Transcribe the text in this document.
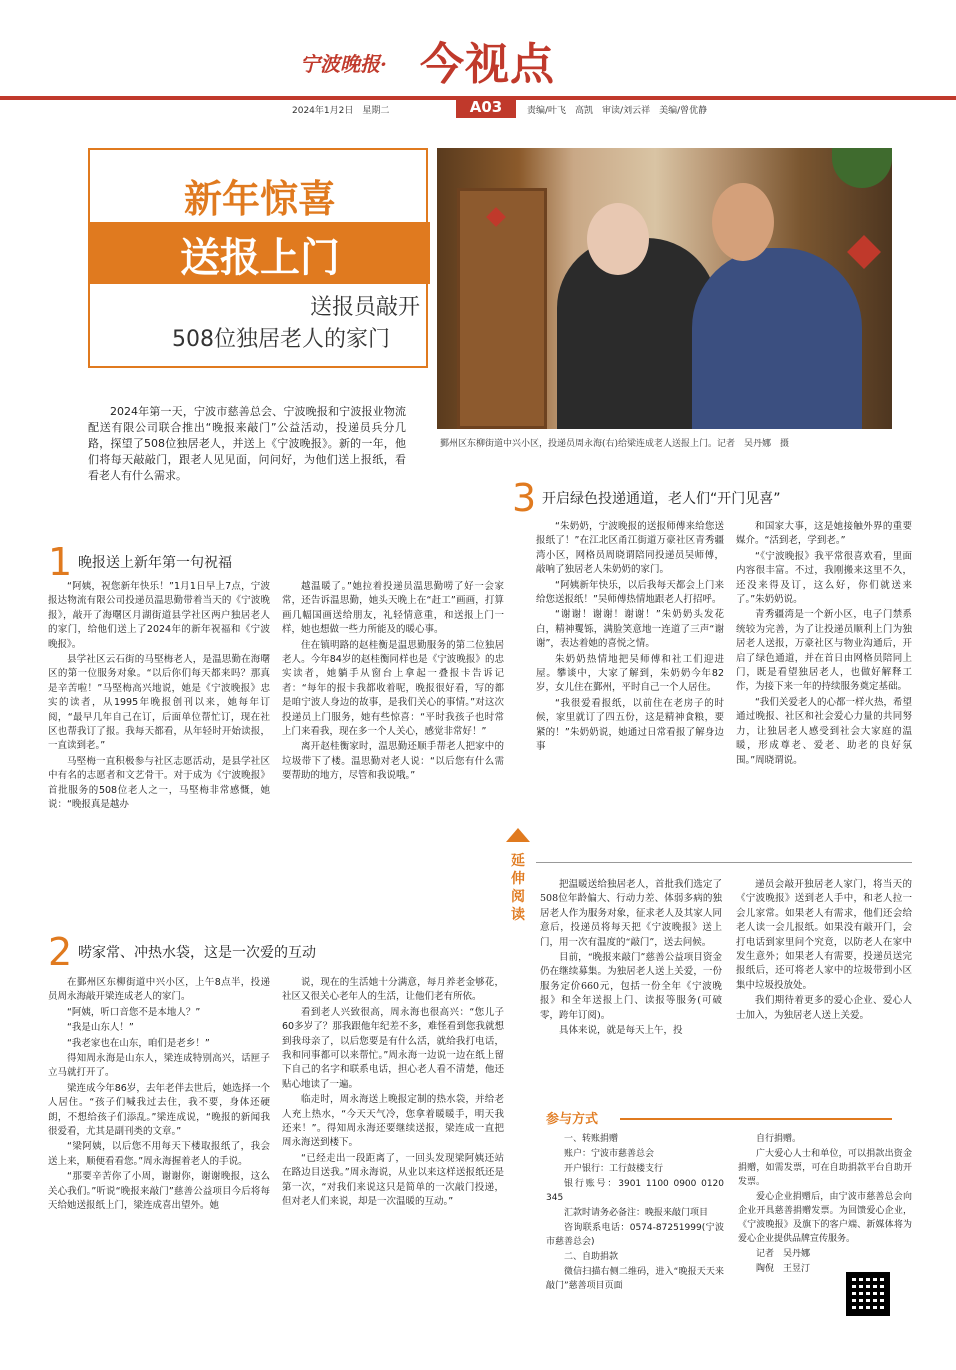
宁波晚报· 今视点
2024年1月2日　星期二	A03	责编/叶飞　高凯　审读/刘云祥　美编/曾优静
新年惊喜
送报上门
送报员敲开
508位独居老人的家门
鄞州区东柳街道中兴小区，投递员周永海(右)给梁连成老人送报上门。记者　吴丹娜　摄

2024年第一天，宁波市慈善总会、宁波晚报和宁波报业物流配送有限公司联合推出“晚报来敲门”公益活动，投递员兵分几路，探望了508位独居老人，并送上《宁波晚报》。新的一年，他们将每天敲敲门，跟老人见见面，问问好，为他们送上报纸，看看老人有什么需求。

1 晚报送上新年第一句祝福

“阿姨，祝您新年快乐！”1月1日早上7点，宁波报达物流有限公司投递员温思勤带着当天的《宁波晚报》，敲开了海曙区月湖街道县学社区两户独居老人的家门，给他们送上了2024年的新年祝福和《宁波晚报》。

县学社区云石街的马堅梅老人，是温思勤在海曙区的第一位服务对象。“以后你们每天都来吗？那真是辛苦啦！”马堅梅高兴地说，她是《宁波晚报》忠实的读者，从1995年晚报创刊以来，她每年订阅，“最早几年自己在订，后面单位帮忙订，现在社区也帮我订了报。我每天都看，从年轻时开始读报，一直读到老。”

马堅梅一直积极参与社区志愿活动，是县学社区中有名的志愿者和文艺骨干。对于成为《宁波晚报》首批服务的508位老人之一，马堅梅非常感慨，她说：“晚报真是越办

越温暖了。”她拉着投递员温思勤唠了好一会家常，还告诉温思勤，她头天晚上在“赶工”画画，打算画几幅国画送给朋友，礼轻情意重，和送报上门一样，她也想做一些力所能及的暖心事。

住在镇明路的赵桂衡是温思勤服务的第二位独居老人。今年84岁的赵桂衡同样也是《宁波晚报》的忠实读者，她躺手从窗台上拿起一叠报卡告诉记者：“每年的报卡我都收着呢，晚报很好看，写的都是咱宁波人身边的故事，是我们关心的事情。”对这次投递员上门服务，她有些惊喜：“平时我孩子也时常上门来看我，现在多一个人关心，感觉非常好！”

离开赵桂衡家时，温思勤还顺手帮老人把家中的垃圾带下了楼。温思勤对老人说：“以后您有什么需要帮助的地方，尽管和我说哦。”

2 唠家常、冲热水袋，这是一次爱的互动

在鄞州区东柳街道中兴小区，上午8点半，投递员周永海敲开梁连成老人的家门。

“阿姨，听口音您不是本地人？”

“我是山东人！”

“我老家也在山东，咱们是老乡！”

得知周永海是山东人，梁连成特别高兴，话匣子立马就打开了。

梁连成今年86岁，去年老伴去世后，她选择一个人居住。“孩子们喊我过去住，我不要，身体还硬朗，不想给孩子们添乱。”梁连成说，“晚报的新闻我很爱看，尤其是副刊类的文章。”

“梁阿姨，以后您不用每天下楼取报纸了，我会送上来，顺便看看您。”周永海握着老人的手说。

“那要辛苦你了小周，谢谢你，谢谢晚报，这么关心我们。”听说“晚报来敲门”慈善公益项目今后将每天给她送报纸上门，梁连成喜出望外。她

说，现在的生活她十分满意，每月养老金够花，社区又很关心老年人的生活，让他们老有所依。

看到老人兴致很高，周永海也很高兴：“您儿子60多岁了？那我跟他年纪差不多，难怪看到您我就想到我母亲了，以后您要是有什么活，就给我打电话，我和同事都可以来帮忙。”周永海一边说一边在纸上留下自己的名字和联系电话，担心老人看不清楚，他还贴心地读了一遍。

临走时，周永海送上晚报定制的热水袋，并给老人充上热水，“今天天气冷，您拿着暖暖手，明天我还来！”。得知周永海还要继续送报，梁连成一直把周永海送到楼下。

“已经走出一段距离了，一回头发现梁阿姨还站在路边目送我。”周永海说，从业以来这样送报纸还是第一次，“对我们来说这只是简单的一次敲门投递，但对老人们来说，却是一次温暖的互动。”

3 开启绿色投递通道，老人们“开门见喜”

“朱奶奶，宁波晚报的送报师傅来给您送报纸了！”在江北区甬江街道万豪社区青秀疆湾小区，网格员周晓谓陪同投递员吴师傅，敲响了独居老人朱奶奶的家门。

“阿姨新年快乐，以后我每天都会上门来给您送报纸！”吴师傅热情地跟老人打招呼。

“谢谢！谢谢！谢谢！”朱奶奶头发花白，精神矍铄，满脸笑意地一连道了三声“谢谢”，表达着她的喜悦之情。

朱奶奶热情地把吴师傅和社工们迎进屋。攀谈中，大家了解到，朱奶奶今年82岁，女儿住在鄞州，平时自己一个人居住。

“我很爱看报纸，以前住在老房子的时候，家里就订了四五份，这是精神食粮，要紧的！”朱奶奶说，她通过日常看报了解身边事

和国家大事，这是她接触外界的重要媒介。“活到老，学到老。”

“《宁波晚报》我平常很喜欢看，里面内容很丰富。不过，我刚搬来这里不久，还没来得及订，这么好，你们就送来了。”朱奶奶说。

青秀疆湾是一个新小区，电子门禁系统较为完善，为了让投递员顺利上门为独居老人送报，万豪社区与物业沟通后，开启了绿色通道，并在首日由网格员陪同上门，既是看望独居老人，也做好解释工作，为接下来一年的持续服务奠定基础。

“我们关爱老人的心都一样火热，希望通过晚报、社区和社会爱心力量的共同努力，让独居老人感受到社会大家庭的温暖，形成尊老、爱老、助老的良好氛围。”周晓谓说。

延伸阅读

把温暖送给独居老人，首批我们选定了508位年龄偏大、行动力差、体弱多病的独居老人作为服务对象，征求老人及其家人同意后，投递员将每天把《宁波晚报》送上门，用一次有温度的“敲门”，送去问候。

目前，“晚报来敲门”慈善公益项目资金仍在继续募集。为独居老人送上关爱，一份服务定价660元，包括一份全年《宁波晚报》和全年送报上门、读报等服务(可破零，跨年订阅)。

具体来说，就是每天上午，投

递员会敲开独居老人家门，将当天的《宁波晚报》送到老人手中，和老人拉一会儿家常。如果老人有需求，他们还会给老人读一会儿报纸。如果没有敲开门，会打电话到家里问个究竟，以防老人在家中发生意外；如果老人有需要，投递员送完报纸后，还可将老人家中的垃圾带到小区集中垃圾投放处。

我们期待着更多的爱心企业、爱心人士加入，为独居老人送上关爱。

参与方式

一、转账捐赠

账户：宁波市慈善总会

开户银行：工行鼓楼支行

银行账号：3901 1100 0900 0120 345

汇款时请务必备注：晚报来敲门项目

咨询联系电话：0574-87251999(宁波市慈善总会)

二、自助捐款

微信扫描右侧二维码，进入“晚报天天来敲门”慈善项目页面

自行捐赠。

广大爱心人士和单位，可以捐款出资金捐赠，如需发票，可在自助捐款平台自助开发票。

爱心企业捐赠后，由宁波市慈善总会向企业开具慈善捐赠发票。为回馈爱心企业，《宁波晚报》及旗下的客户端、新媒体将为爱心企业提供品牌宣传服务。

记者　吴丹娜

陶倪　王昱汀
